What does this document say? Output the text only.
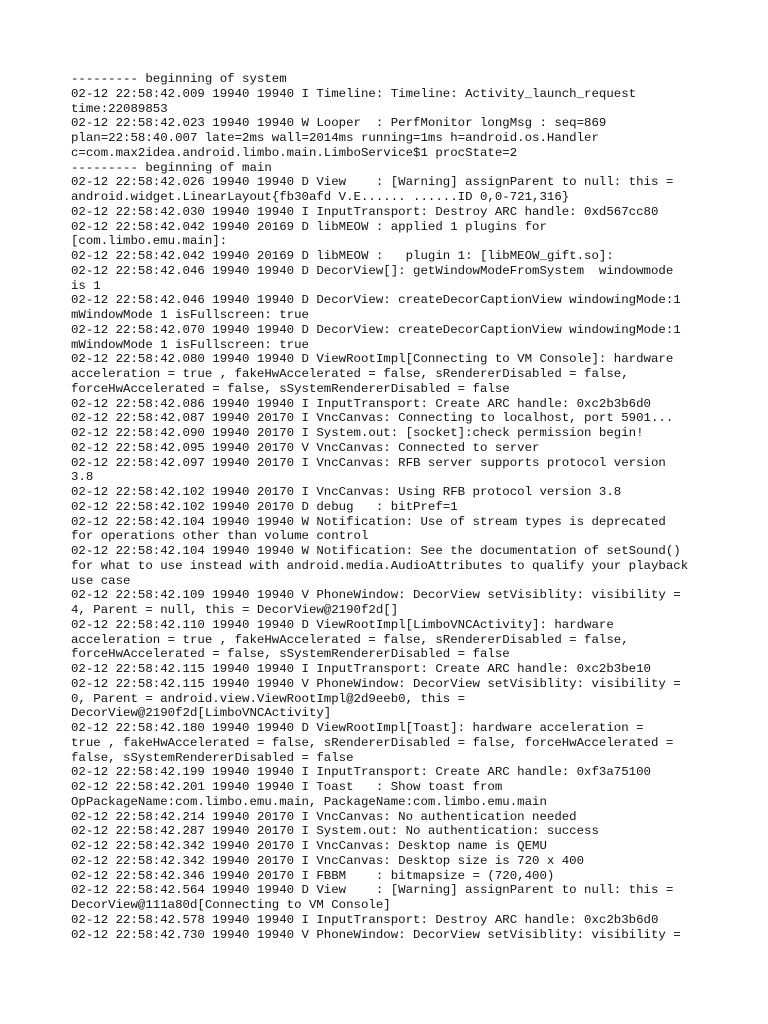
--------- beginning of system
02-12 22:58:42.009 19940 19940 I Timeline: Timeline: Activity_launch_request
time:22089853
02-12 22:58:42.023 19940 19940 W Looper  : PerfMonitor longMsg : seq=869
plan=22:58:40.007 late=2ms wall=2014ms running=1ms h=android.os.Handler
c=com.max2idea.android.limbo.main.LimboService$1 procState=2
--------- beginning of main
02-12 22:58:42.026 19940 19940 D View    : [Warning] assignParent to null: this =
android.widget.LinearLayout{fb30afd V.E...... ......ID 0,0-721,316}
02-12 22:58:42.030 19940 19940 I InputTransport: Destroy ARC handle: 0xd567cc80
02-12 22:58:42.042 19940 20169 D libMEOW : applied 1 plugins for
[com.limbo.emu.main]:
02-12 22:58:42.042 19940 20169 D libMEOW :   plugin 1: [libMEOW_gift.so]:
02-12 22:58:42.046 19940 19940 D DecorView[]: getWindowModeFromSystem  windowmode
is 1
02-12 22:58:42.046 19940 19940 D DecorView: createDecorCaptionView windowingMode:1
mWindowMode 1 isFullscreen: true
02-12 22:58:42.070 19940 19940 D DecorView: createDecorCaptionView windowingMode:1
mWindowMode 1 isFullscreen: true
02-12 22:58:42.080 19940 19940 D ViewRootImpl[Connecting to VM Console]: hardware
acceleration = true , fakeHwAccelerated = false, sRendererDisabled = false,
forceHwAccelerated = false, sSystemRendererDisabled = false
02-12 22:58:42.086 19940 19940 I InputTransport: Create ARC handle: 0xc2b3b6d0
02-12 22:58:42.087 19940 20170 I VncCanvas: Connecting to localhost, port 5901...
02-12 22:58:42.090 19940 20170 I System.out: [socket]:check permission begin!
02-12 22:58:42.095 19940 20170 V VncCanvas: Connected to server
02-12 22:58:42.097 19940 20170 I VncCanvas: RFB server supports protocol version
3.8
02-12 22:58:42.102 19940 20170 I VncCanvas: Using RFB protocol version 3.8
02-12 22:58:42.102 19940 20170 D debug   : bitPref=1
02-12 22:58:42.104 19940 19940 W Notification: Use of stream types is deprecated
for operations other than volume control
02-12 22:58:42.104 19940 19940 W Notification: See the documentation of setSound()
for what to use instead with android.media.AudioAttributes to qualify your playback
use case
02-12 22:58:42.109 19940 19940 V PhoneWindow: DecorView setVisiblity: visibility =
4, Parent = null, this = DecorView@2190f2d[]
02-12 22:58:42.110 19940 19940 D ViewRootImpl[LimboVNCActivity]: hardware
acceleration = true , fakeHwAccelerated = false, sRendererDisabled = false,
forceHwAccelerated = false, sSystemRendererDisabled = false
02-12 22:58:42.115 19940 19940 I InputTransport: Create ARC handle: 0xc2b3be10
02-12 22:58:42.115 19940 19940 V PhoneWindow: DecorView setVisiblity: visibility =
0, Parent = android.view.ViewRootImpl@2d9eeb0, this =
DecorView@2190f2d[LimboVNCActivity]
02-12 22:58:42.180 19940 19940 D ViewRootImpl[Toast]: hardware acceleration =
true , fakeHwAccelerated = false, sRendererDisabled = false, forceHwAccelerated =
false, sSystemRendererDisabled = false
02-12 22:58:42.199 19940 19940 I InputTransport: Create ARC handle: 0xf3a75100
02-12 22:58:42.201 19940 19940 I Toast   : Show toast from
OpPackageName:com.limbo.emu.main, PackageName:com.limbo.emu.main
02-12 22:58:42.214 19940 20170 I VncCanvas: No authentication needed
02-12 22:58:42.287 19940 20170 I System.out: No authentication: success
02-12 22:58:42.342 19940 20170 I VncCanvas: Desktop name is QEMU
02-12 22:58:42.342 19940 20170 I VncCanvas: Desktop size is 720 x 400
02-12 22:58:42.346 19940 20170 I FBBM    : bitmapsize = (720,400)
02-12 22:58:42.564 19940 19940 D View    : [Warning] assignParent to null: this =
DecorView@111a80d[Connecting to VM Console]
02-12 22:58:42.578 19940 19940 I InputTransport: Destroy ARC handle: 0xc2b3b6d0
02-12 22:58:42.730 19940 19940 V PhoneWindow: DecorView setVisiblity: visibility =
